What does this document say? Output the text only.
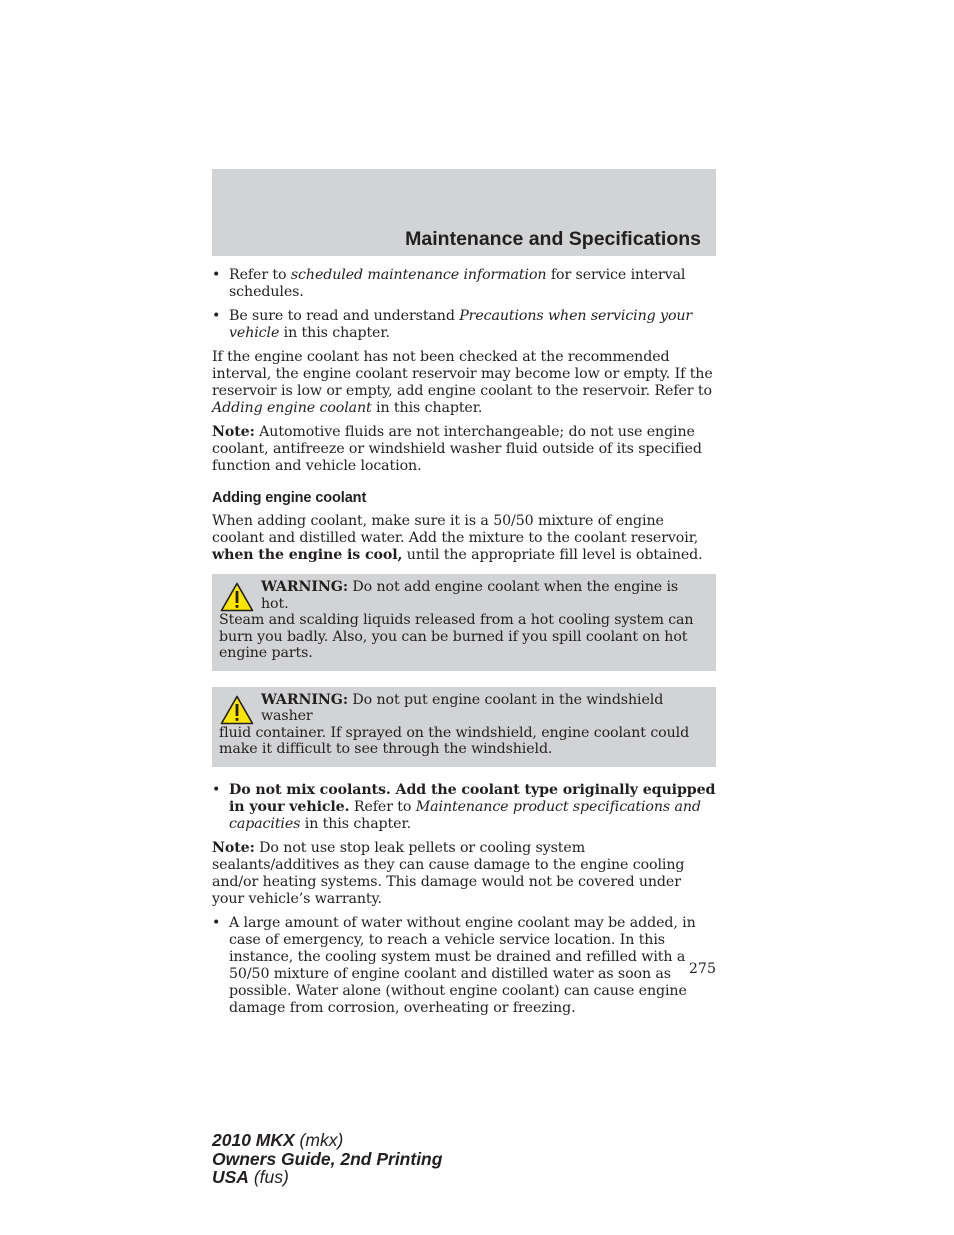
Maintenance and Specifications
• Refer to scheduled maintenance information for service interval schedules.
• Be sure to read and understand Precautions when servicing your vehicle in this chapter.

If the engine coolant has not been checked at the recommended interval, the engine coolant reservoir may become low or empty. If the reservoir is low or empty, add engine coolant to the reservoir. Refer to Adding engine coolant in this chapter.

Note: Automotive fluids are not interchangeable; do not use engine coolant, antifreeze or windshield washer fluid outside of its specified function and vehicle location.

Adding engine coolant

When adding coolant, make sure it is a 50/50 mixture of engine coolant and distilled water. Add the mixture to the coolant reservoir, when the engine is cool, until the appropriate fill level is obtained.

WARNING: Do not add engine coolant when the engine is hot.
Steam and scalding liquids released from a hot cooling system can burn you badly. Also, you can be burned if you spill coolant on hot engine parts.
WARNING: Do not put engine coolant in the windshield washer
fluid container. If sprayed on the windshield, engine coolant could make it difficult to see through the windshield.
• Do not mix coolants. Add the coolant type originally equipped in your vehicle. Refer to Maintenance product specifications and capacities in this chapter.

Note: Do not use stop leak pellets or cooling system sealants/additives as they can cause damage to the engine cooling and/or heating systems. This damage would not be covered under your vehicle’s warranty.

• A large amount of water without engine coolant may be added, in case of emergency, to reach a vehicle service location. In this instance, the cooling system must be drained and refilled with a 50/50 mixture of engine coolant and distilled water as soon as possible. Water alone (without engine coolant) can cause engine damage from corrosion, overheating or freezing.
275
2010 MKX (mkx)
Owners Guide, 2nd Printing
USA (fus)
